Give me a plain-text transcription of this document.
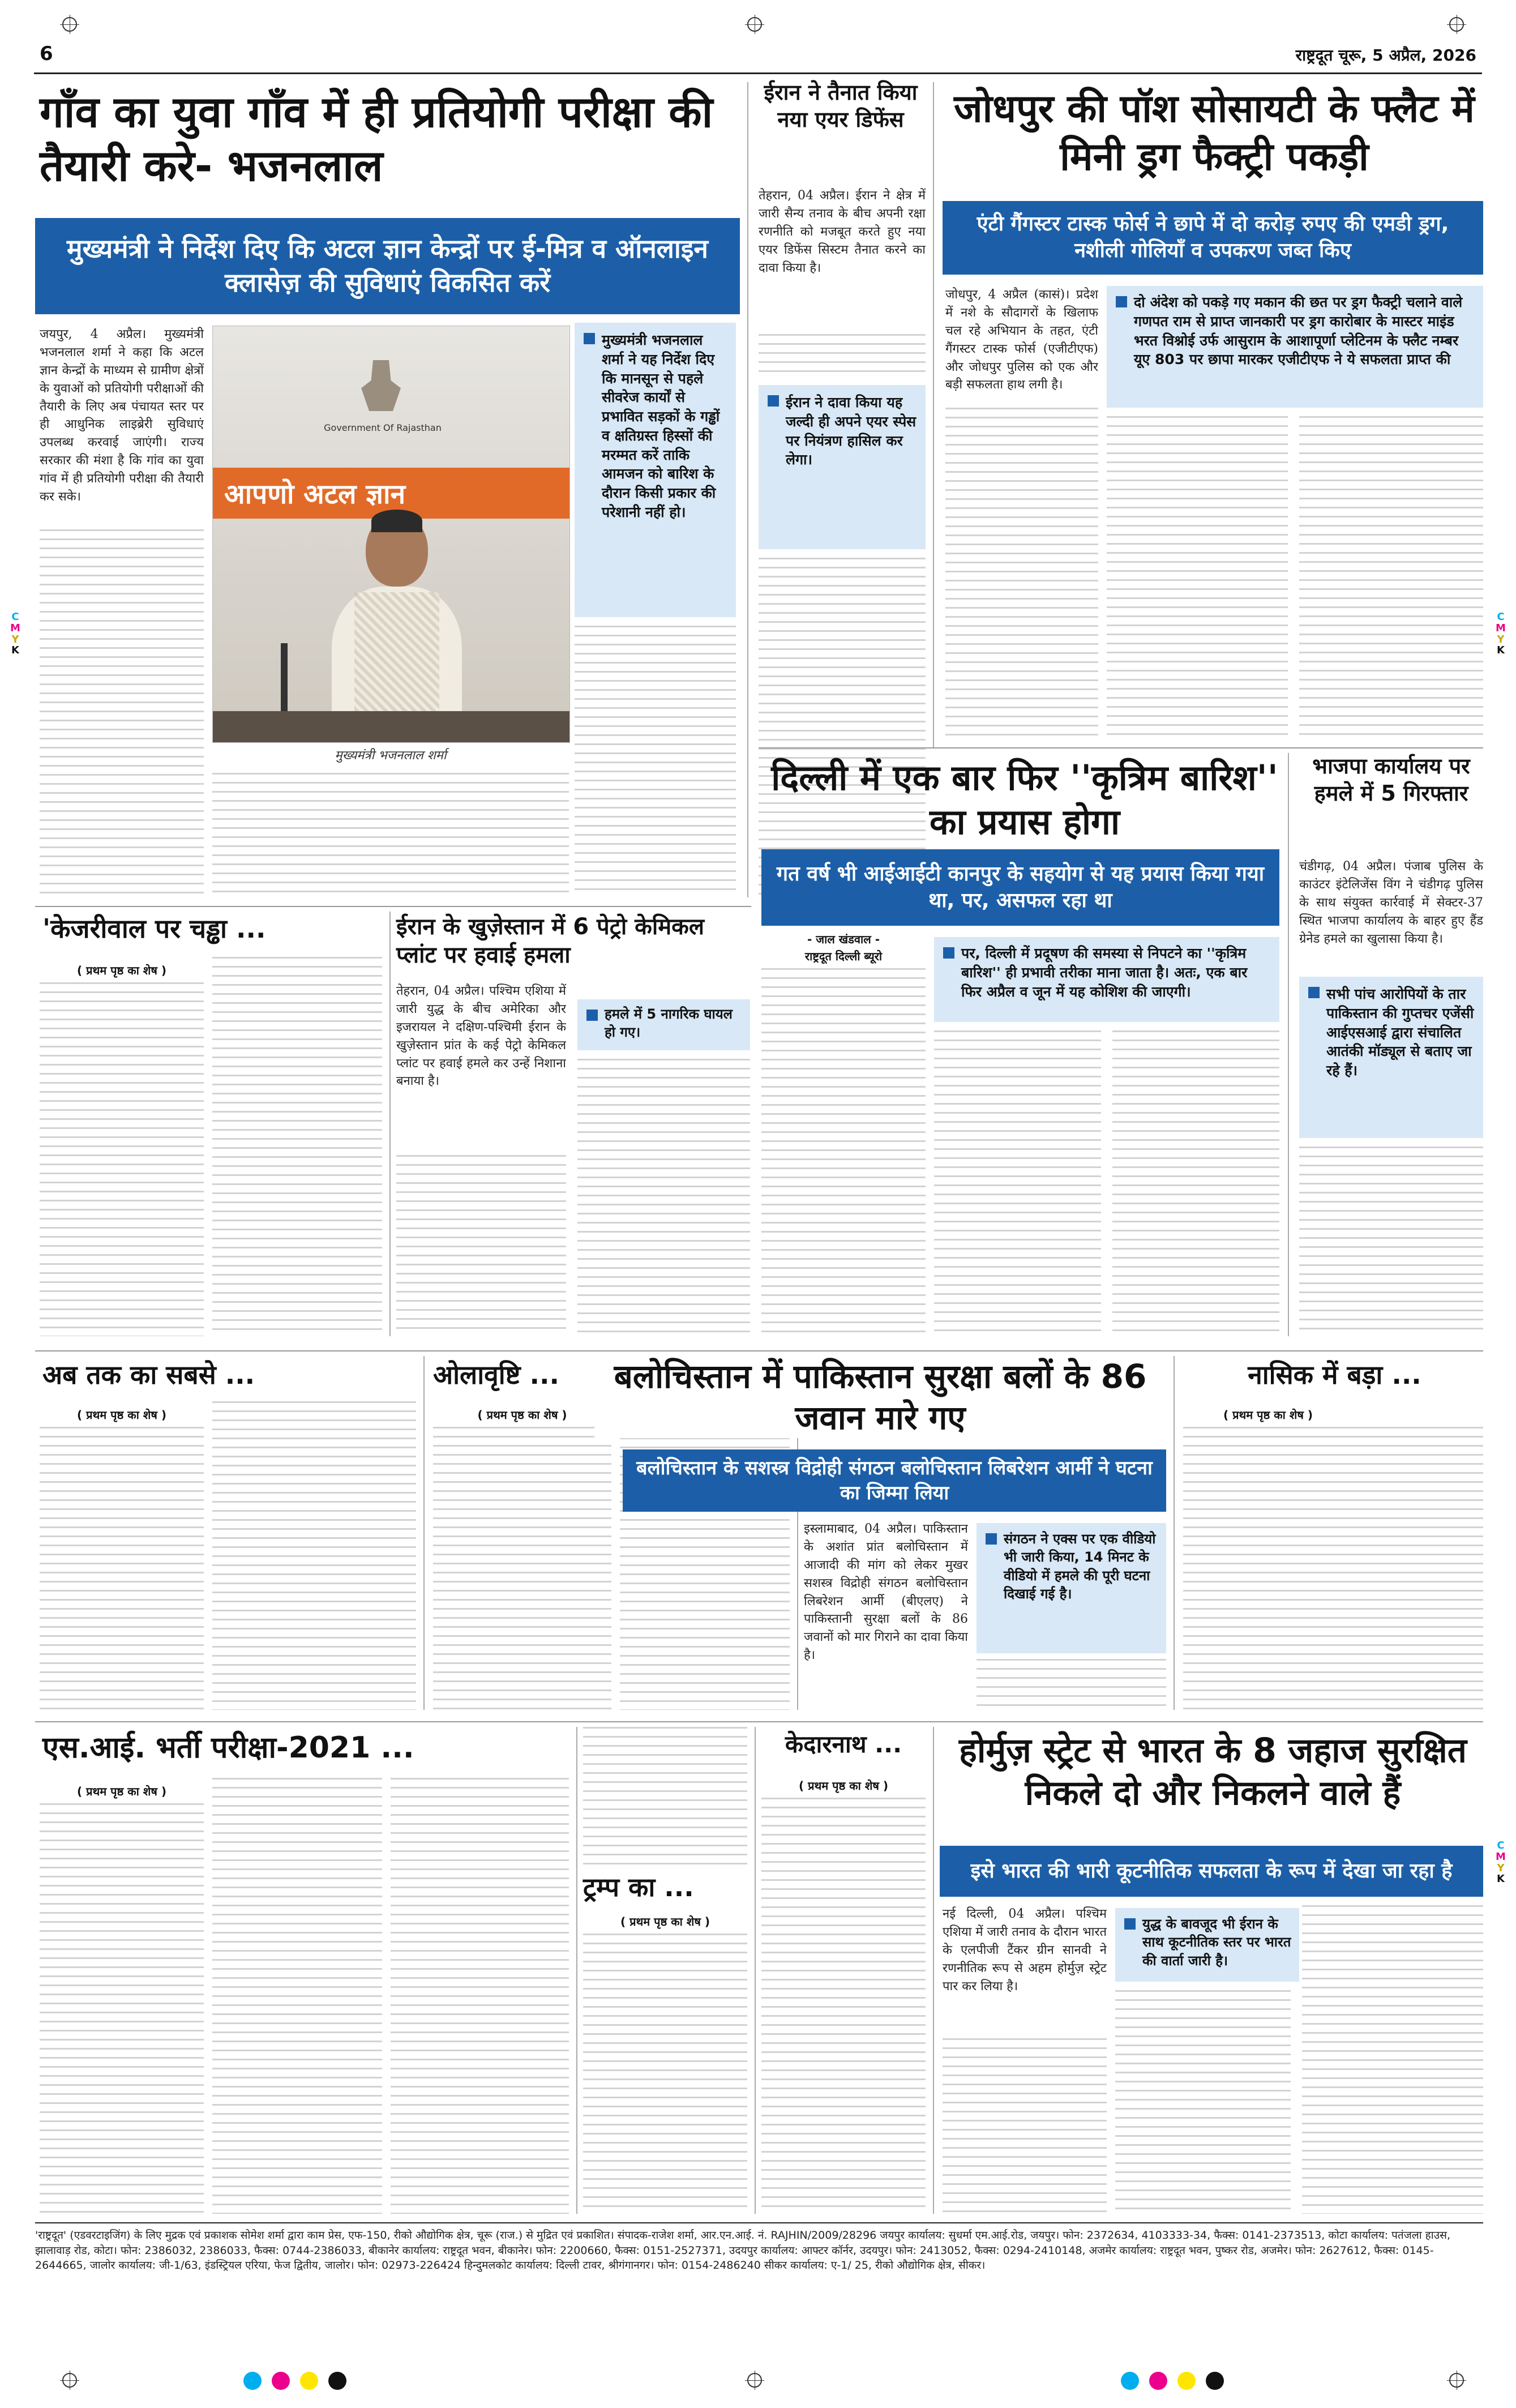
6	राष्ट्रदूत चूरू, 5 अप्रैल, 2026
C
M
Y
K
C
M
Y
K
C
M
Y
K
गाँव का युवा गाँव में ही प्रतियोगी परीक्षा की तैयारी करे- भजनलाल
मुख्यमंत्री ने निर्देश दिए कि अटल ज्ञान केन्द्रों पर ई-मित्र व ऑनलाइन क्लासेज़ की सुविधाएं विकसित करें
जयपुर, 4 अप्रैल। मुख्यमंत्री भजनलाल शर्मा ने कहा कि अटल ज्ञान केन्द्रों के माध्यम से ग्रामीण क्षेत्रों के युवाओं को प्रतियोगी परीक्षाओं की तैयारी के लिए अब पंचायत स्तर पर ही आधुनिक लाइब्रेरी सुविधाएं उपलब्ध करवाई जाएंगी। राज्य सरकार की मंशा है कि गांव का युवा गांव में ही प्रतियोगी परीक्षा की तैयारी कर सके।
Government Of Rajasthan
आपणो अटल ज्ञान
मुख्यमंत्री भजनलाल शर्मा
मुख्यमंत्री भजनलाल शर्मा ने यह निर्देश दिए कि मानसून से पहले सीवरेज कार्यों से प्रभावित सड़कों के गड्ढों व क्षतिग्रस्त हिस्सों की मरम्मत करें ताकि आमजन को बारिश के दौरान किसी प्रकार की परेशानी नहीं हो।
ईरान ने तैनात किया नया एयर डिफेंस
तेहरान, 04 अप्रैल। ईरान ने क्षेत्र में जारी सैन्य तनाव के बीच अपनी रक्षा रणनीति को मजबूत करते हुए नया एयर डिफेंस सिस्टम तैनात करने का दावा किया है।
ईरान ने दावा किया यह जल्दी ही अपने एयर स्पेस पर नियंत्रण हासिल कर लेगा।
जोधपुर की पॉश सोसायटी के फ्लैट में मिनी ड्रग फैक्ट्री पकड़ी
एंटी गैंगस्टर टास्क फोर्स ने छापे में दो करोड़ रुपए की एमडी ड्रग, नशीली गोलियाँ व उपकरण जब्त किए
जोधपुर, 4 अप्रैल (कासं)। प्रदेश में नशे के सौदागरों के खिलाफ चल रहे अभियान के तहत, एंटी गैंगस्टर टास्क फोर्स (एजीटीएफ) और जोधपुर पुलिस को एक और बड़ी सफलता हाथ लगी है।
दो अंदेश को पकड़े गए मकान की छत पर ड्रग फैक्ट्री चलाने वाले गणपत राम से प्राप्त जानकारी पर ड्रग कारोबार के मास्टर माइंड भरत विश्नोई उर्फ आसुराम के आशापूर्णा प्लेटिनम के फ्लैट नम्बर यूए 803 पर छापा मारकर एजीटीएफ ने ये सफलता प्राप्त की
दिल्ली में एक बार फिर ''कृत्रिम बारिश'' का प्रयास होगा
गत वर्ष भी आईआईटी कानपुर के सहयोग से यह प्रयास किया गया था, पर, असफल रहा था
- जाल खंडवाल -
राष्ट्रदूत दिल्ली ब्यूरो	पर, दिल्ली में प्रदूषण की समस्या से निपटने का ''कृत्रिम बारिश'' ही प्रभावी तरीका माना जाता है। अतः, एक बार फिर अप्रैल व जून में यह कोशिश की जाएगी।
भाजपा कार्यालय पर हमले में 5 गिरफ्तार
चंडीगढ़, 04 अप्रैल। पंजाब पुलिस के काउंटर इंटेलिजेंस विंग ने चंडीगढ़ पुलिस के साथ संयुक्त कार्रवाई में सेक्टर-37 स्थित भाजपा कार्यालय के बाहर हुए हैंड ग्रेनेड हमले का खुलासा किया है।
सभी पांच आरोपियों के तार पाकिस्तान की गुप्तचर एजेंसी आईएसआई द्वारा संचालित आतंकी मॉड्यूल से बताए जा रहे हैं।
'केजरीवाल पर चड्ढा ...
( प्रथम पृष्ठ का शेष )
ईरान के खुज़ेस्तान में 6 पेट्रो केमिकल प्लांट पर हवाई हमला
तेहरान, 04 अप्रैल। पश्चिम एशिया में जारी युद्ध के बीच अमेरिका और इजरायल ने दक्षिण-पश्चिमी ईरान के खुज़ेस्तान प्रांत के कई पेट्रो केमिकल प्लांट पर हवाई हमले कर उन्हें निशाना बनाया है।
हमले में 5 नागरिक घायल हो गए।
अब तक का सबसे ...
( प्रथम पृष्ठ का शेष )
ओलावृष्टि ...
( प्रथम पृष्ठ का शेष )
बलोचिस्तान में पाकिस्तान सुरक्षा बलों के 86 जवान मारे गए
बलोचिस्तान के सशस्त्र विद्रोही संगठन बलोचिस्तान लिबरेशन आर्मी ने घटना का जिम्मा लिया
इस्लामाबाद, 04 अप्रैल। पाकिस्तान के अशांत प्रांत बलोचिस्तान में आजादी की मांग को लेकर मुखर सशस्त्र विद्रोही संगठन बलोचिस्तान लिबरेशन आर्मी (बीएलए) ने पाकिस्तानी सुरक्षा बलों के 86 जवानों को मार गिराने का दावा किया है।
संगठन ने एक्स पर एक वीडियो भी जारी किया, 14 मिनट के वीडियो में हमले की पूरी घटना दिखाई गई है।
नासिक में बड़ा ...
( प्रथम पृष्ठ का शेष )
एस.आई. भर्ती परीक्षा-2021 ...
( प्रथम पृष्ठ का शेष )
ट्रम्प का ...
( प्रथम पृष्ठ का शेष )
केदारनाथ ...
( प्रथम पृष्ठ का शेष )
होर्मुज़ स्ट्रेट से भारत के 8 जहाज सुरक्षित निकले दो और निकलने वाले हैं
इसे भारत की भारी कूटनीतिक सफलता के रूप में देखा जा रहा है
नई दिल्ली, 04 अप्रैल। पश्चिम एशिया में जारी तनाव के दौरान भारत के एलपीजी टैंकर ग्रीन सानवी ने रणनीतिक रूप से अहम होर्मुज़ स्ट्रेट पार कर लिया है।
युद्ध के बावजूद भी ईरान के साथ कूटनीतिक स्तर पर भारत की वार्ता जारी है।
'राष्ट्रदूत' (एडवरटाइजिंग) के लिए मुद्रक एवं प्रकाशक सोमेश शर्मा द्वारा काम प्रेस, एफ-150, रीको औद्योगिक क्षेत्र, चूरू (राज.) से मुद्रित एवं प्रकाशित। संपादक-राजेश शर्मा, आर.एन.आई. नं. RAJHIN/2009/28296 जयपुर कार्यालय: सुधर्मा एम.आई.रोड, जयपुर। फोन: 2372634, 4103333-34, फैक्स: 0141-2373513, कोटा कार्यालय: पतंजला हाउस, झालावाड़ रोड, कोटा। फोन: 2386032, 2386033, फैक्स: 0744-2386033, बीकानेर कार्यालय: राष्ट्रदूत भवन, बीकानेर। फोन: 2200660, फैक्स: 0151-2527371, उदयपुर कार्यालय: आफ्टर कॉर्नर, उदयपुर। फोन: 2413052, फैक्स: 0294-2410148, अजमेर कार्यालय: राष्ट्रदूत भवन, पुष्कर रोड, अजमेर। फोन: 2627612, फैक्स: 0145-2644665, जालोर कार्यालय: जी-1/63, इंडस्ट्रियल एरिया, फेज द्वितीय, जालोर। फोन: 02973-226424 हिन्दुमलकोट कार्यालय: दिल्ली टावर, श्रीगंगानगर। फोन: 0154-2486240 सीकर कार्यालय: ए-1/ 25, रीको औद्योगिक क्षेत्र, सीकर।
